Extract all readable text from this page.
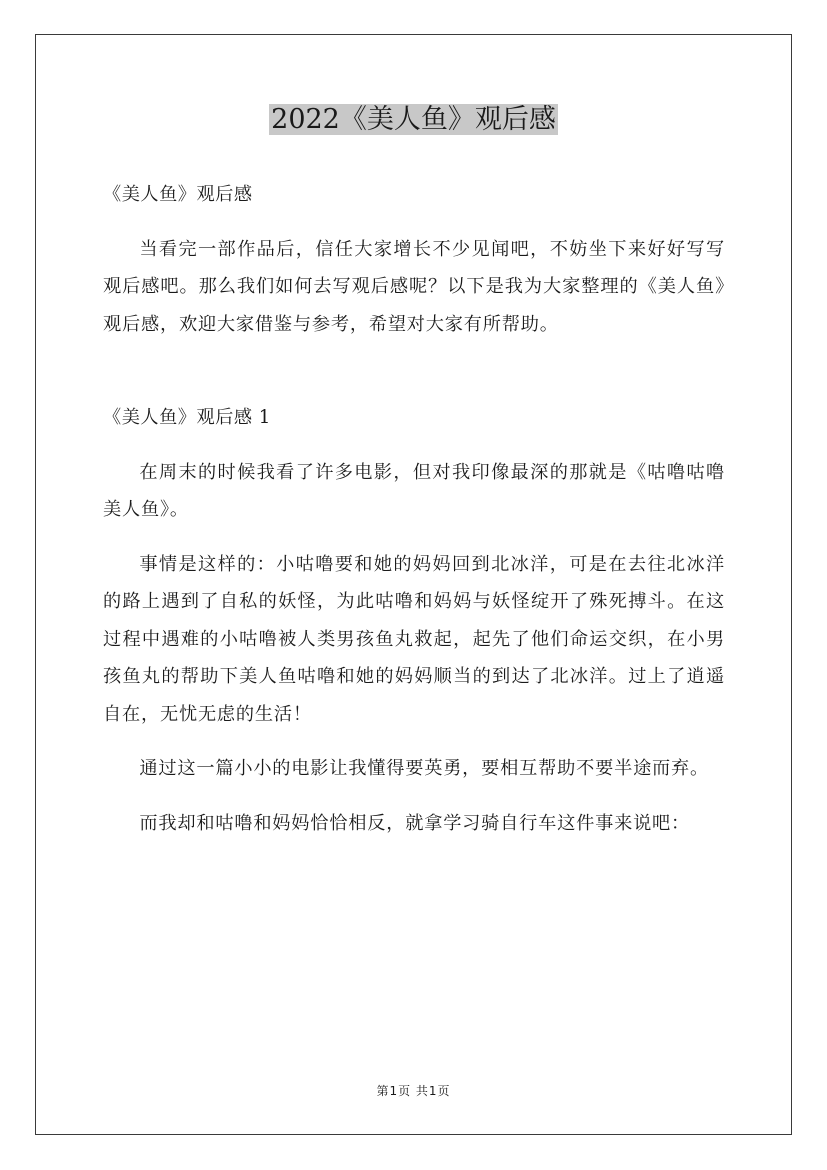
2022《美人鱼》观后感

《美人鱼》观后感

当看完一部作品后，信任大家增长不少见闻吧，不妨坐下来好好写写观后感吧。那么我们如何去写观后感呢？以下是我为大家整理的《美人鱼》观后感，欢迎大家借鉴与参考，希望对大家有所帮助。

《美人鱼》观后感 1

在周末的时候我看了许多电影，但对我印像最深的那就是《咕噜咕噜美人鱼》。

事情是这样的：小咕噜要和她的妈妈回到北冰洋，可是在去往北冰洋的路上遇到了自私的妖怪，为此咕噜和妈妈与妖怪绽开了殊死搏斗。在这过程中遇难的小咕噜被人类男孩鱼丸救起，起先了他们命运交织，在小男孩鱼丸的帮助下美人鱼咕噜和她的妈妈顺当的到达了北冰洋。过上了逍遥自在，无忧无虑的生活！

通过这一篇小小的电影让我懂得要英勇，要相互帮助不要半途而弃。

而我却和咕噜和妈妈恰恰相反，就拿学习骑自行车这件事来说吧：

第1页 共1页
